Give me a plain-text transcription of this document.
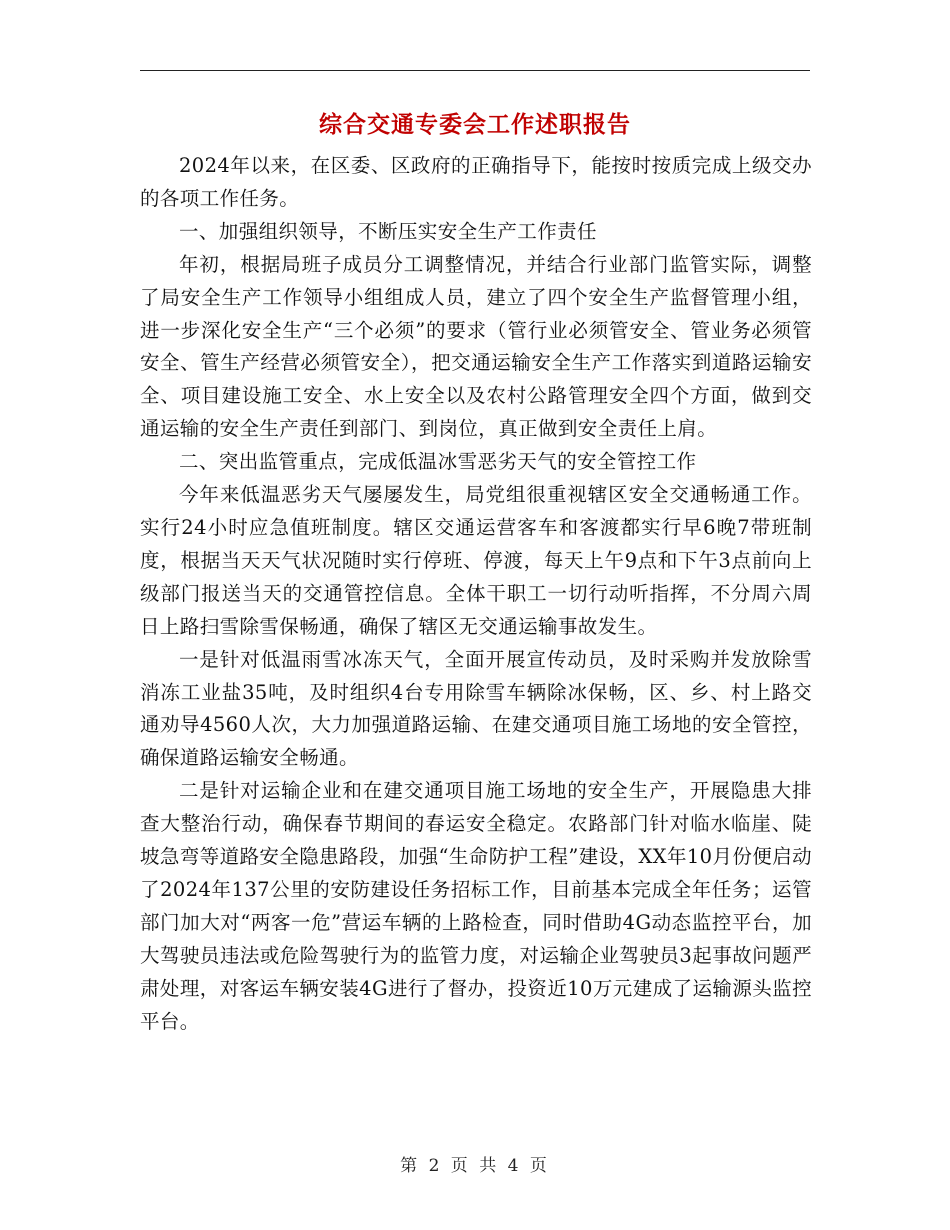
综合交通专委会工作述职报告

2024年以来，在区委、区政府的正确指导下，能按时按质完成上级交办的各项工作任务。

一、加强组织领导，不断压实安全生产工作责任

年初，根据局班子成员分工调整情况，并结合行业部门监管实际，调整了局安全生产工作领导小组组成人员，建立了四个安全生产监督管理小组，进一步深化安全生产“三个必须”的要求（管行业必须管安全、管业务必须管安全、管生产经营必须管安全），把交通运输安全生产工作落实到道路运输安全、项目建设施工安全、水上安全以及农村公路管理安全四个方面，做到交通运输的安全生产责任到部门、到岗位，真正做到安全责任上肩。

二、突出监管重点，完成低温冰雪恶劣天气的安全管控工作

今年来低温恶劣天气屡屡发生，局党组很重视辖区安全交通畅通工作。实行24小时应急值班制度。辖区交通运营客车和客渡都实行早6晚7带班制度，根据当天天气状况随时实行停班、停渡，每天上午9点和下午3点前向上级部门报送当天的交通管控信息。全体干职工一切行动听指挥，不分周六周日上路扫雪除雪保畅通，确保了辖区无交通运输事故发生。

一是针对低温雨雪冰冻天气，全面开展宣传动员，及时采购并发放除雪消冻工业盐35吨，及时组织4台专用除雪车辆除冰保畅，区、乡、村上路交通劝导4560人次，大力加强道路运输、在建交通项目施工场地的安全管控，确保道路运输安全畅通。

二是针对运输企业和在建交通项目施工场地的安全生产，开展隐患大排查大整治行动，确保春节期间的春运安全稳定。农路部门针对临水临崖、陡坡急弯等道路安全隐患路段，加强“生命防护工程”建设，XX年10月份便启动了2024年137公里的安防建设任务招标工作，目前基本完成全年任务；运管部门加大对“两客一危”营运车辆的上路检查，同时借助4G动态监控平台，加大驾驶员违法或危险驾驶行为的监管力度，对运输企业驾驶员3起事故问题严肃处理，对客运车辆安装4G进行了督办，投资近10万元建成了运输源头监控平台。

第 2 页 共 4 页
